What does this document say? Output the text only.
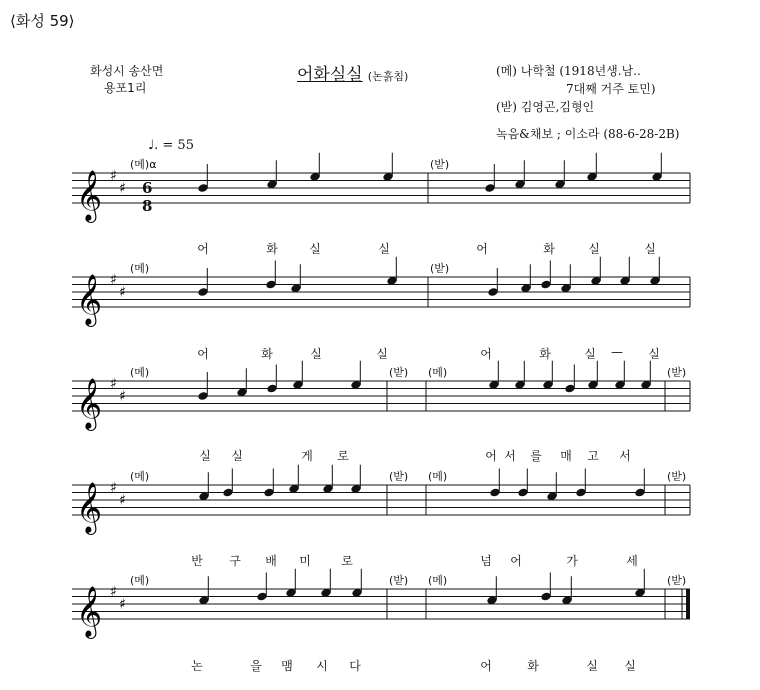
⟨화성 59⟩
화성시 송산면
용포1리
어화실실 (논흙침)	(메) 나학철 (1918년생.남..
7대째 거주 토민)
(받) 김영곤,김형인
녹음&채보 ; 이소라 (88-6-28-2B)
♩. = 55
6
8
𝄞 ♯
♯
𝄞 ♯
♯
𝄞 ♯
♯
𝄞 ♯
♯
𝄞 ♯
♯
(메)α	(받)
어	화	실	실	어	화	실	실
(메)	(받)
어	화	실	실	어	화	실 — 실
(메)	(받) (메)	(받)
실 실	게 로	어 서 를 매 고 서
(메)	(받) (메)	(받)
반 구 배 미	로	넘 어	가	세
(메)	(받) (메)	(받)
논	을 맴 시 다	어	화	실 실
